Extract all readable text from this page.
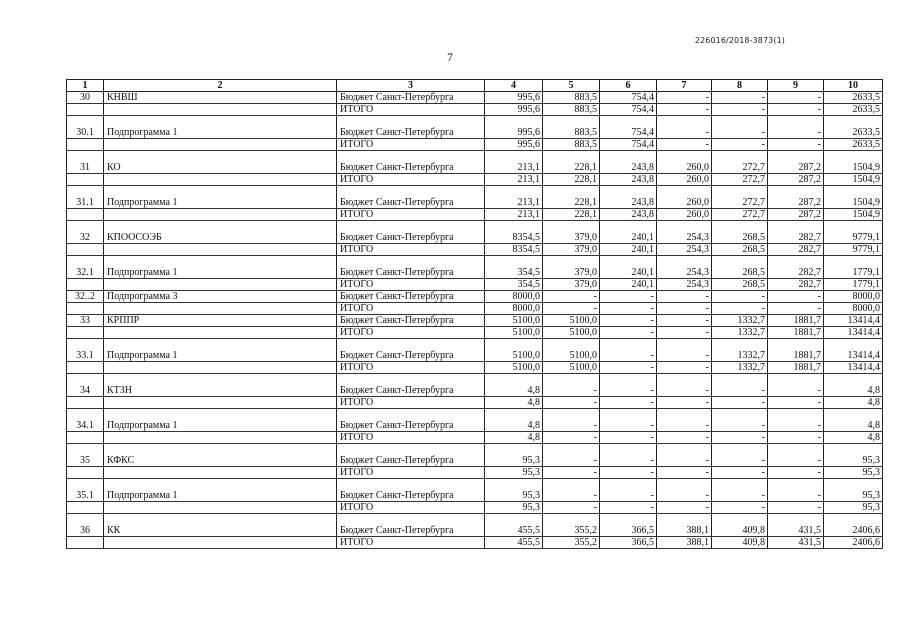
226016/2018-3873(1)
7
1	2	3	4	5	6	7	8	9	10
30	КНВШ	Бюджет Санкт-Петербурга	995,6	883,5	754,4	-	-	-	2633,5
		ИТОГО	995,6	883,5	754,4	-	-	-	2633,5

30.1	Подпрограмма 1	Бюджет Санкт-Петербурга	995,6	883,5	754,4	-	-	-	2633,5
		ИТОГО	995,6	883,5	754,4	-	-	-	2633,5

31	КО	Бюджет Санкт-Петербурга	213,1	228,1	243,8	260,0	272,7	287,2	1504,9
		ИТОГО	213,1	228,1	243,8	260,0	272,7	287,2	1504,9

31.1	Подпрограмма 1	Бюджет Санкт-Петербурга	213,1	228,1	243,8	260,0	272,7	287,2	1504,9
		ИТОГО	213,1	228,1	243,8	260,0	272,7	287,2	1504,9

32	КПООСОЭБ	Бюджет Санкт-Петербурга	8354,5	379,0	240,1	254,3	268,5	282,7	9779,1
		ИТОГО	8354,5	379,0	240,1	254,3	268,5	282,7	9779,1

32.1	Подпрограмма 1	Бюджет Санкт-Петербурга	354,5	379,0	240,1	254,3	268,5	282,7	1779,1
		ИТОГО	354,5	379,0	240,1	254,3	268,5	282,7	1779,1
32..2	Подпрограмма 3	Бюджет Санкт-Петербурга	8000,0	-	-	-	-	-	8000,0
		ИТОГО	8000,0	-	-	-	-	-	8000,0
33	КРППР	Бюджет Санкт-Петербурга	5100,0	5100,0	-	-	1332,7	1881,7	13414,4
		ИТОГО	5100,0	5100,0	-	-	1332,7	1881,7	13414,4

33.1	Подпрограмма 1	Бюджет Санкт-Петербурга	5100,0	5100,0	-	-	1332,7	1881,7	13414,4
		ИТОГО	5100,0	5100,0	-	-	1332,7	1881,7	13414,4

34	КТЗН	Бюджет Санкт-Петербурга	4,8	-	-	-	-	-	4,8
		ИТОГО	4,8	-	-	-	-	-	4,8

34.1	Подпрограмма 1	Бюджет Санкт-Петербурга	4,8	-	-	-	-	-	4,8
		ИТОГО	4,8	-	-	-	-	-	4,8

35	КФКС	Бюджет Санкт-Петербурга	95,3	-	-	-	-	-	95,3
		ИТОГО	95,3	-	-	-	-	-	95,3

35.1	Подпрограмма 1	Бюджет Санкт-Петербурга	95,3	-	-	-	-	-	95,3
		ИТОГО	95,3	-	-	-	-	-	95,3

36	КК	Бюджет Санкт-Петербурга	455,5	355,2	366,5	388,1	409,8	431,5	2406,6
		ИТОГО	455,5	355,2	366,5	388,1	409,8	431,5	2406,6
